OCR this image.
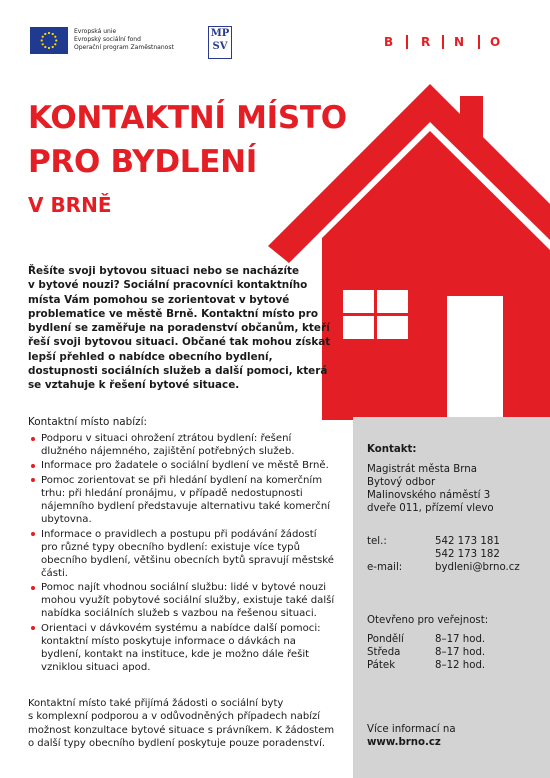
Evropská unie
Evropský sociální fond
Operační program Zaměstnanost
MP
SV	B R N O
KONTAKTNÍ MÍSTO
PRO BYDLENÍ
V BRNĚ
Řešíte svoji bytovou situaci nebo se nacházíte
v bytové nouzi? Sociální pracovníci kontaktního
místa Vám pomohou se zorientovat v bytové
problematice ve městě Brně. Kontaktní místo pro
bydlení se zaměřuje na poradenství občanům, kteří
řeší svoji bytovou situaci. Občané tak mohou získat
lepší přehled o nabídce obecního bydlení,
dostupnosti sociálních služeb a další pomoci, která
se vztahuje k řešení bytové situace.
Kontaktní místo nabízí:
Podporu v situaci ohrožení ztrátou bydlení: řešení
dlužného nájemného, zajištění potřebných služeb.
Informace pro žadatele o sociální bydlení ve městě Brně.
Pomoc zorientovat se při hledání bydlení na komerčním
trhu: při hledání pronájmu, v případě nedostupnosti
nájemního bydlení představuje alternativu také komerční
ubytovna.
Informace o pravidlech a postupu při podávání žádostí
pro různé typy obecního bydlení: existuje více typů
obecního bydlení, většinu obecních bytů spravují městské
části.
Pomoc najít vhodnou sociální službu: lidé v bytové nouzi
mohou využít pobytové sociální služby, existuje také další
nabídka sociálních služeb s vazbou na řešenou situaci.
Orientaci v dávkovém systému a nabídce další pomoci:
kontaktní místo poskytuje informace o dávkách na
bydlení, kontakt na instituce, kde je možno dále řešit
vzniklou situaci apod.
Kontaktní místo také přijímá žádosti o sociální byty
s komplexní podporou a v odůvodněných případech nabízí
možnost konzultace bytové situace s právníkem. K žádostem
o další typy obecního bydlení poskytuje pouze poradenství.
Kontakt:
Magistrát města Brna
Bytový odbor
Malinovského náměstí 3
dveře 011, přízemí vlevo
tel.:	542 173 181
542 173 182
e-mail:	bydleni@brno.cz
Otevřeno pro veřejnost:
Pondělí	8–17 hod.
Středa	8–17 hod.
Pátek	8–12 hod.
Více informací na
www.brno.cz
